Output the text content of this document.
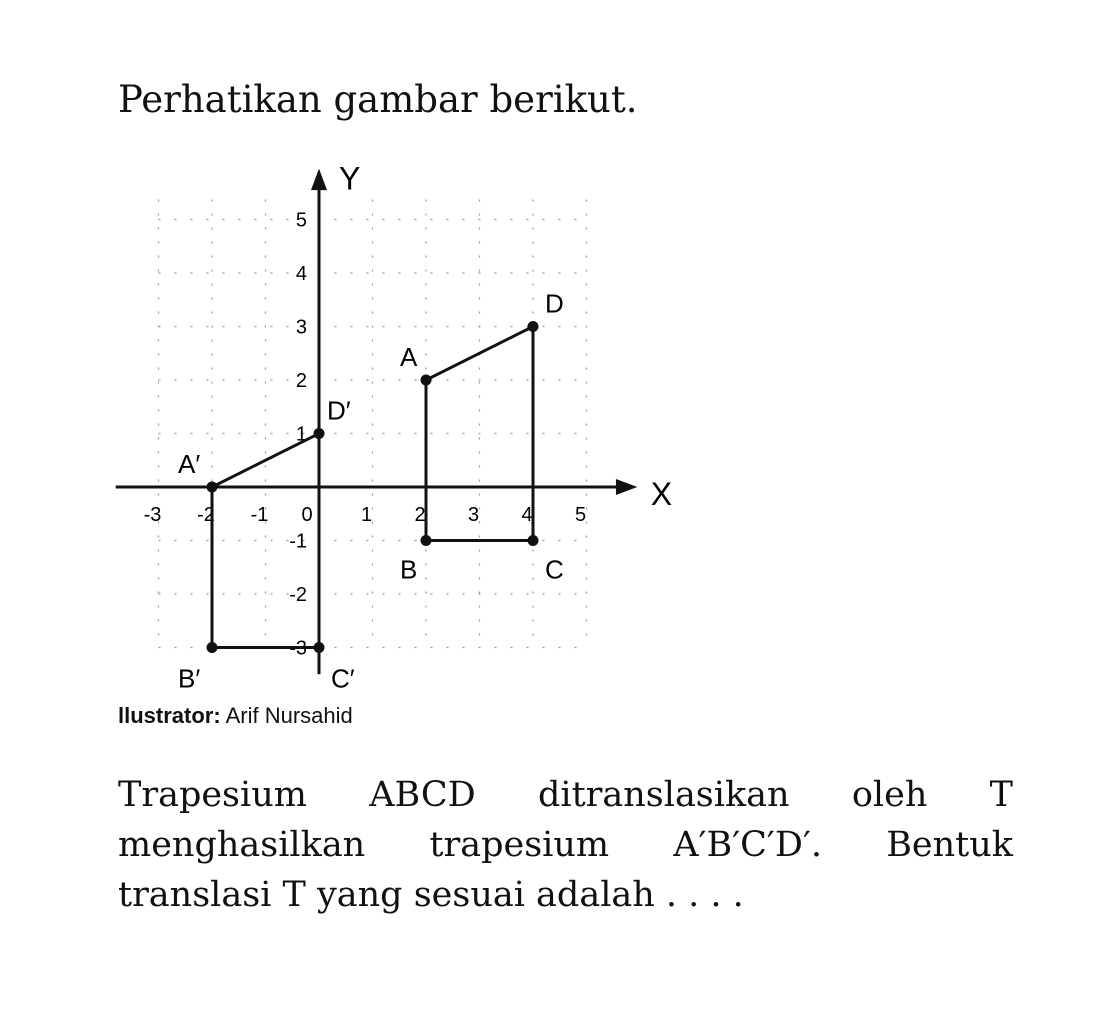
Perhatikan gambar berikut.
X
Y
-3 -2 -1 0 1 2 3 4 5
5
4
3
2
1
-1
-2
-3
A
B	C
D
A′
B′	C′
D′
llustrator: Arif Nursahid
Trapesium ABCD ditranslasikan oleh T menghasilkan trapesium A′B′C′D′. Bentuk translasi T yang sesuai adalah . . . .
